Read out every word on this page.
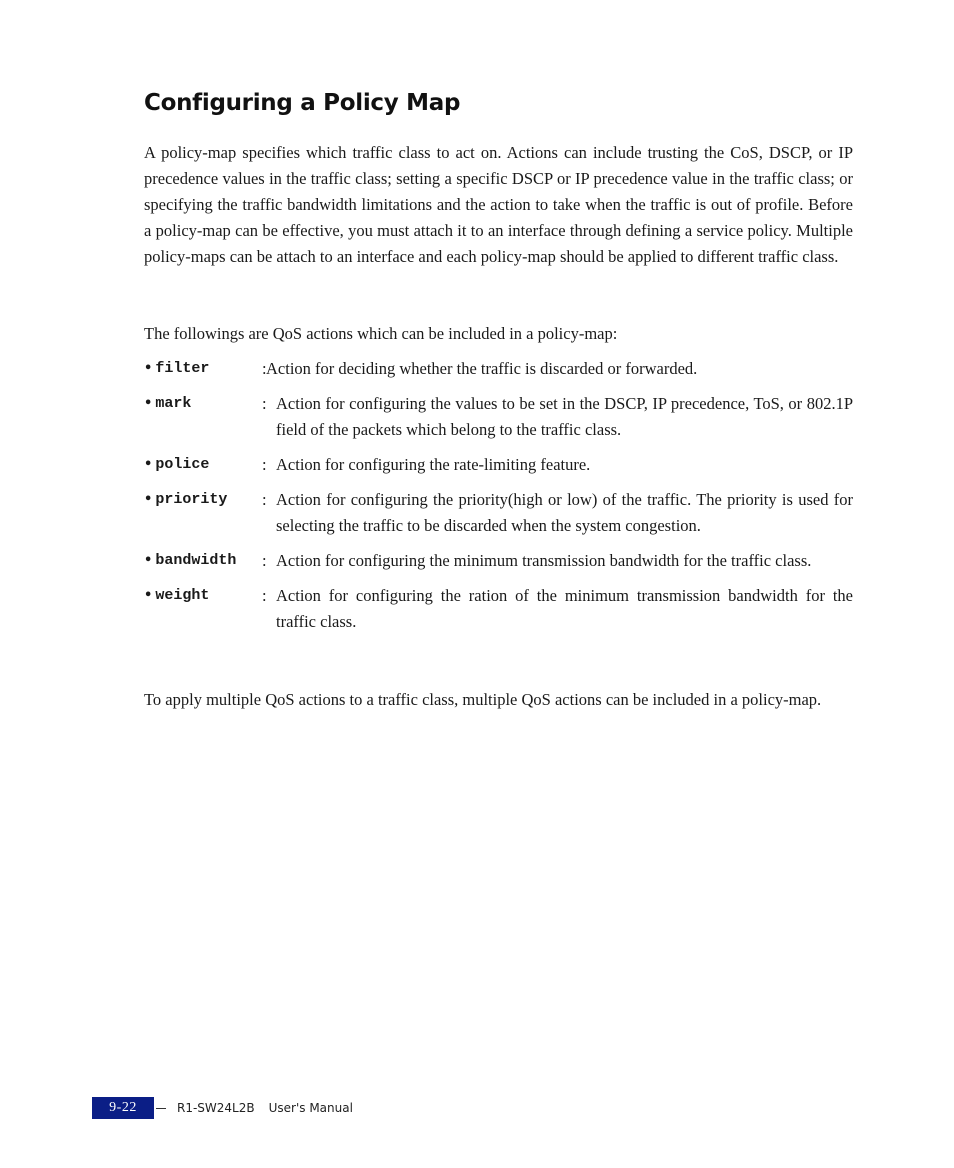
Configuring a Policy Map

A policy-map specifies which traffic class to act on. Actions can include trusting the CoS, DSCP, or IP precedence values in the traffic class; setting a specific DSCP or IP precedence value in the traffic class; or specifying the traffic bandwidth limitations and the action to take when the traffic is out of profile. Before a policy-map can be effective, you must attach it to an interface through defining a service policy. Multiple policy-maps can be attach to an interface and each policy-map should be applied to different traffic class.

The followings are QoS actions which can be included in a policy-map:

• filter	: Action for deciding whether the traffic is discarded or forwarded.
• mark	: Action for configuring the values to be set in the DSCP, IP precedence, ToS, or 802.1P field of the packets which belong to the traffic class.
• police	: Action for configuring the rate-limiting feature.
• priority	: Action for configuring the priority(high or low) of the traffic. The priority is used for selecting the traffic to be discarded when the system congestion.
• bandwidth	: Action for configuring the minimum transmission bandwidth for the traffic class.
• weight	: Action for configuring the ration of the minimum transmission bandwidth for the traffic class.

To apply multiple QoS actions to a traffic class, multiple QoS actions can be included in a policy-map.

9-22	R1-SW24L2B User's Manual
